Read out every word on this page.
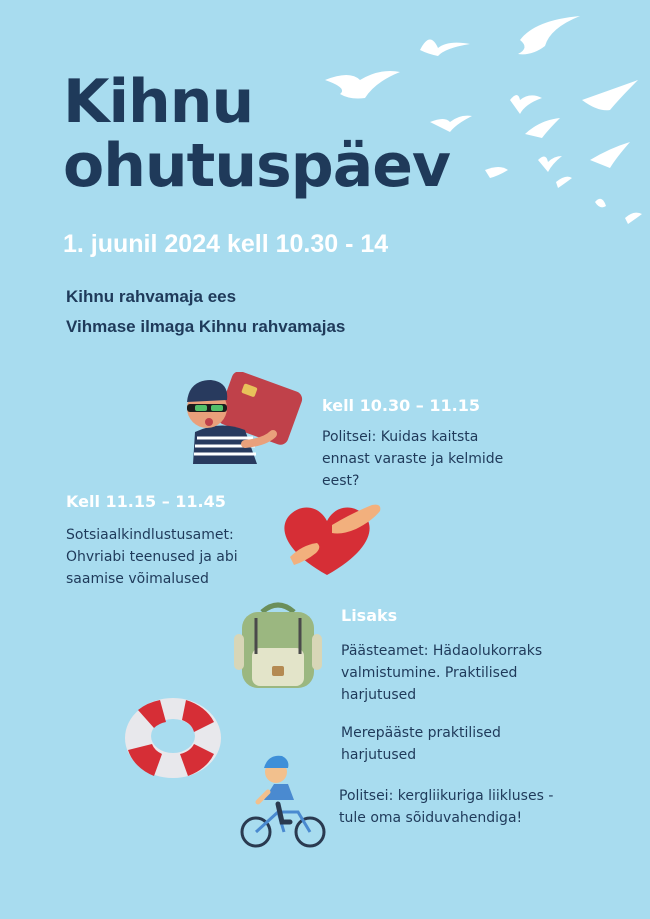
Kihnu
ohutuspäev
1. juunil 2024 kell 10.30 - 14
Kihnu rahvamaja ees
Vihmase ilmaga Kihnu rahvamajas
kell 10.30 – 11.15
Politsei: Kuidas kaitsta
ennast varaste ja kelmide
eest?
Kell 11.15 – 11.45
Sotsiaalkindlustusamet:
Ohvriabi teenused ja abi
saamise võimalused
Lisaks
Päästeamet: Hädaolukorraks
valmistumine. Praktilised
harjutused
Merepääste praktilised
harjutused
Politsei: kergliikuriga liikluses -
tule oma sõiduvahendiga!
